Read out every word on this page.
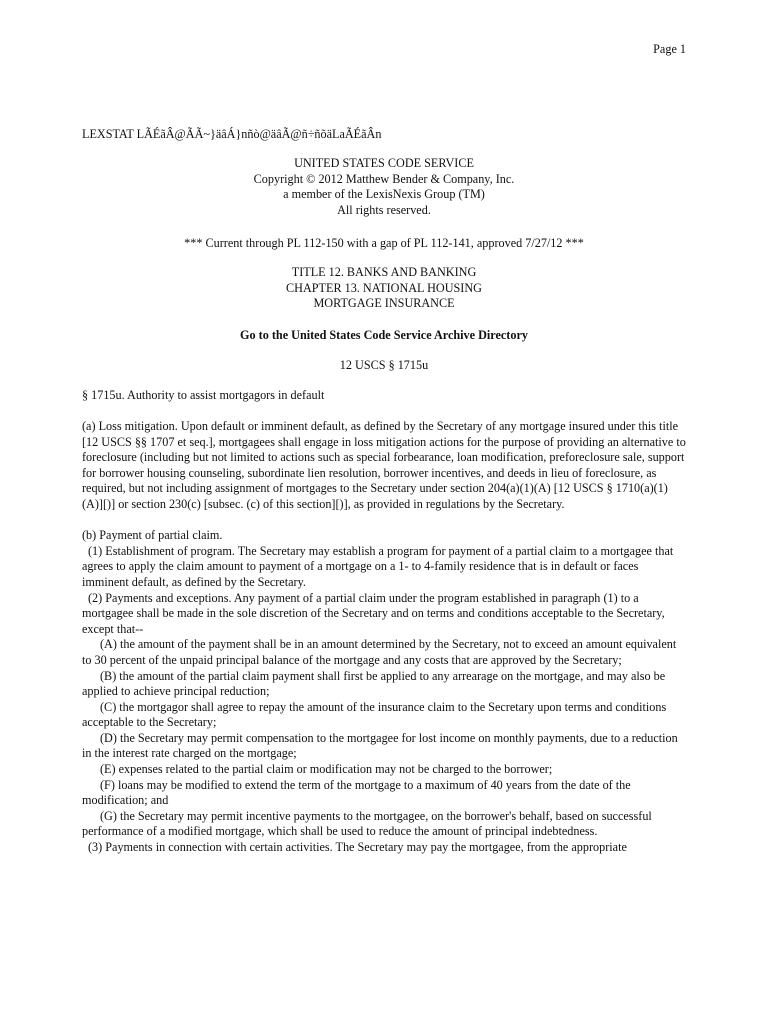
Page 1
LEXSTAT LÃÉãÂ@ÃÃ~}äâÁ}nñò@äâÃ@ñ÷ñõäLaÃÉãÂn
UNITED STATES CODE SERVICE
Copyright © 2012 Matthew Bender & Company, Inc.
a member of the LexisNexis Group (TM)
All rights reserved.
*** Current through PL 112-150 with a gap of PL 112-141, approved 7/27/12 ***
TITLE 12. BANKS AND BANKING
CHAPTER 13. NATIONAL HOUSING
MORTGAGE INSURANCE
Go to the United States Code Service Archive Directory
12 USCS § 1715u
§ 1715u. Authority to assist mortgagors in default

(a) Loss mitigation. Upon default or imminent default, as defined by the Secretary of any mortgage insured under this title [12 USCS §§ 1707 et seq.], mortgagees shall engage in loss mitigation actions for the purpose of providing an alternative to foreclosure (including but not limited to actions such as special forbearance, loan modification, preforeclosure sale, support for borrower housing counseling, subordinate lien resolution, borrower incentives, and deeds in lieu of foreclosure, as required, but not including assignment of mortgages to the Secretary under section 204(a)(1)(A) [12 USCS § 1710(a)(1)(A)][)] or section 230(c) [subsec. (c) of this section][)], as provided in regulations by the Secretary.

(b) Payment of partial claim.

(1) Establishment of program. The Secretary may establish a program for payment of a partial claim to a mortgagee that agrees to apply the claim amount to payment of a mortgage on a 1- to 4-family residence that is in default or faces imminent default, as defined by the Secretary.

(2) Payments and exceptions. Any payment of a partial claim under the program established in paragraph (1) to a mortgagee shall be made in the sole discretion of the Secretary and on terms and conditions acceptable to the Secretary, except that--

(A) the amount of the payment shall be in an amount determined by the Secretary, not to exceed an amount equivalent to 30 percent of the unpaid principal balance of the mortgage and any costs that are approved by the Secretary;

(B) the amount of the partial claim payment shall first be applied to any arrearage on the mortgage, and may also be applied to achieve principal reduction;

(C) the mortgagor shall agree to repay the amount of the insurance claim to the Secretary upon terms and conditions acceptable to the Secretary;

(D) the Secretary may permit compensation to the mortgagee for lost income on monthly payments, due to a reduction in the interest rate charged on the mortgage;

(E) expenses related to the partial claim or modification may not be charged to the borrower;

(F) loans may be modified to extend the term of the mortgage to a maximum of 40 years from the date of the modification; and

(G) the Secretary may permit incentive payments to the mortgagee, on the borrower's behalf, based on successful performance of a modified mortgage, which shall be used to reduce the amount of principal indebtedness.

(3) Payments in connection with certain activities. The Secretary may pay the mortgagee, from the appropriate
